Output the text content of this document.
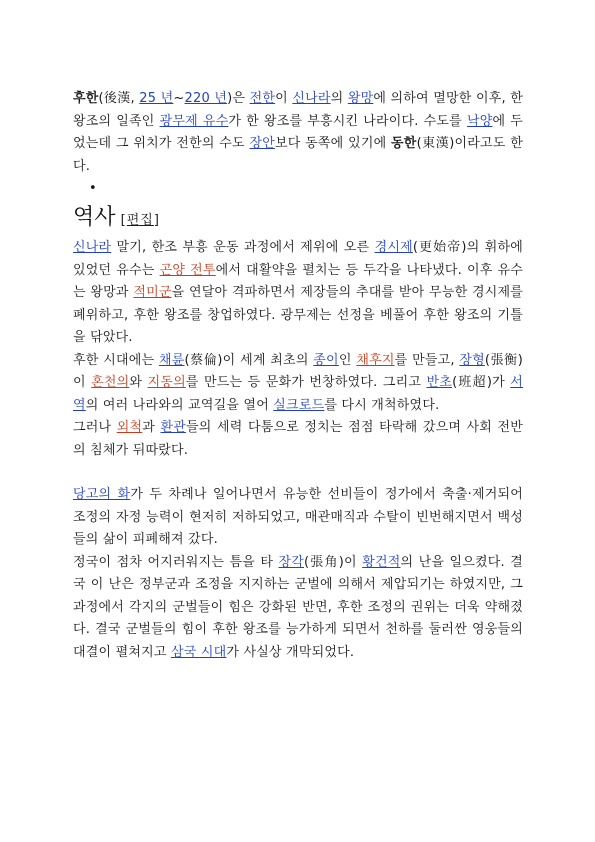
후한(後漢, 25 년~220 년)은 전한이 신나라의 왕망에 의하여 멸망한 이후, 한 왕조의 일족인 광무제 유수가 한 왕조를 부흥시킨 나라이다. 수도를 낙양에 두었는데 그 위치가 전한의 수도 장안보다 동쪽에 있기에 동한(東漢)이라고도 한다.

•

역사 [편집]

신나라 말기, 한조 부흥 운동 과정에서 제위에 오른 경시제(更始帝)의 휘하에 있었던 유수는 곤양 전투에서 대활약을 펼치는 등 두각을 나타냈다. 이후 유수는 왕망과 적미군을 연달아 격파하면서 제장들의 추대를 받아 무능한 경시제를 폐위하고, 후한 왕조를 창업하였다. 광무제는 선정을 베풀어 후한 왕조의 기틀을 닦았다.

후한 시대에는 채륜(蔡倫)이 세계 최초의 종이인 채후지를 만들고, 장형(張衡)이 혼천의와 지동의를 만드는 등 문화가 번창하였다. 그리고 반초(班超)가 서역의 여러 나라와의 교역길을 열어 실크로드를 다시 개척하였다.

그러나 외척과 환관들의 세력 다툼으로 정치는 점점 타락해 갔으며 사회 전반의 침체가 뒤따랐다.

당고의 화가 두 차례나 일어나면서 유능한 선비들이 정가에서 축출·제거되어 조정의 자정 능력이 현저히 저하되었고, 매관매직과 수탈이 빈번해지면서 백성들의 삶이 피폐해져 갔다.

정국이 점차 어지러워지는 틈을 타 장각(張角)이 황건적의 난을 일으켰다. 결국 이 난은 정부군과 조정을 지지하는 군벌에 의해서 제압되기는 하였지만, 그 과정에서 각지의 군벌들이 힘은 강화된 반면, 후한 조정의 권위는 더욱 약해졌다. 결국 군벌들의 힘이 후한 왕조를 능가하게 되면서 천하를 둘러싼 영웅들의 대결이 펼쳐지고 삼국 시대가 사실상 개막되었다.
